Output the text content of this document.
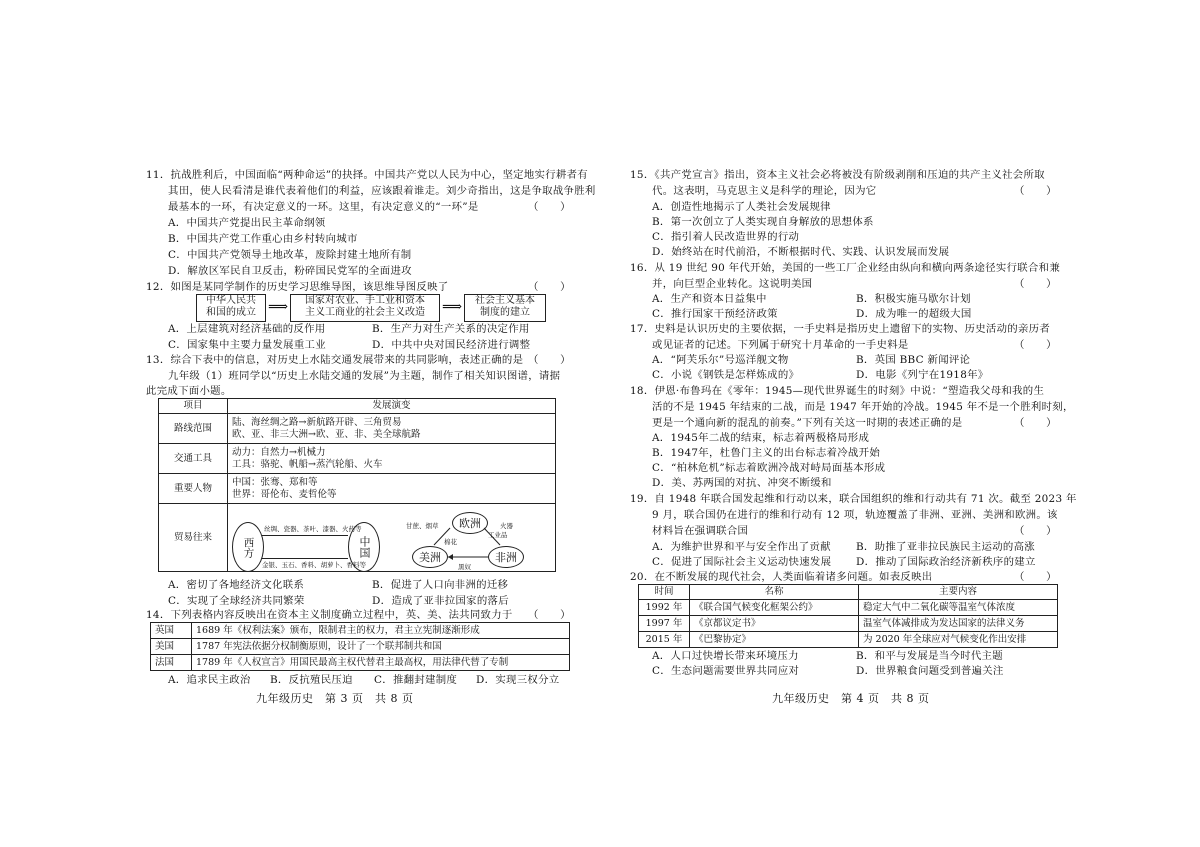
11．抗战胜利后，中国面临“两种命运”的抉择。中国共产党以人民为中心，坚定地实行耕者有
其田，使人民看清是谁代表着他们的利益，应该跟着谁走。刘少奇指出，这是争取战争胜利
最基本的一环，有决定意义的一环。这里，有决定意义的“一环”是	（　　）
A．中国共产党提出民主革命纲领
B．中国共产党工作重心由乡村转向城市
C．中国共产党领导土地改革，废除封建土地所有制
D．解放区军民自卫反击，粉碎国民党军的全面进攻
12．如图是某同学制作的历史学习思维导图，该思维导图反映了	（　　）
中华人民共
和国的成立 ⟹	国家对农业、手工业和资本
主义工商业的社会主义改造	⟹	社会主义基本
制度的建立
A．上层建筑对经济基础的反作用	B．生产力对生产关系的决定作用
C．国家集中主要力量发展重工业	D．中共中央对国民经济进行调整
13．综合下表中的信息，对历史上水陆交通发展带来的共同影响，表述正确的是 （　　）
九年级（1）班同学以“历史上水陆交通的发展”为主题，制作了相关知识图谱，请据
此完成下面小题。
项目	发展演变
路线范围	陆、海丝绸之路→新航路开辟、三角贸易
欧、亚、非三大洲→欧、亚、非、美全球航路

交通工具	动力：自然力→机械力
工具：骆驼、帆船→蒸汽轮船、火车

重要人物	中国：张骞、郑和等
世界：哥伦布、麦哲伦等

贸易往来		西方	中国
丝绸、瓷器、茶叶、漆器、火药等
金银、玉石、香料、胡萝卜、香料等
欧洲
美洲	非洲
甘蔗、烟草	火器
工业品
棉花
黑奴
A．密切了各地经济文化联系	B．促进了人口向非洲的迁移
C．实现了全球经济共同繁荣	D．造成了亚非拉国家的落后
14．下列表格内容反映出在资本主义制度确立过程中，英、美、法共同致力于 （　　）
英国	1689 年《权利法案》颁布，限制君主的权力，君主立宪制逐渐形成
美国	1787 年宪法依据分权制衡原则，设计了一个联邦制共和国
法国	1789 年《人权宣言》用国民最高主权代替君主最高权，用法律代替了专制
A．追求民主政治 B．反抗殖民压迫 C．推翻封建制度 D．实现三权分立
九年级历史　第 3 页　共 8 页
15．《共产党宣言》指出，资本主义社会必将被没有阶级剥削和压迫的共产主义社会所取
代。这表明，马克思主义是科学的理论，因为它	（　　）
A．创造性地揭示了人类社会发展规律
B．第一次创立了人类实现自身解放的思想体系
C．指引着人民改造世界的行动
D．始终站在时代前沿，不断根据时代、实践、认识发展而发展
16．从 19 世纪 90 年代开始，美国的一些工厂企业经由纵向和横向两条途径实行联合和兼
并，向巨型企业转化。这说明美国	（　　）
A．生产和资本日益集中	B．积极实施马歇尔计划
C．推行国家干预经济政策	D．成为唯一的超级大国
17．史料是认识历史的主要依据，一手史料是指历史上遗留下的实物、历史活动的亲历者
或见证者的记述。下列属于研究十月革命的一手史料是	（　　）
A．“阿芙乐尔”号巡洋舰文物	B．英国 BBC 新闻评论
C．小说《钢铁是怎样炼成的》	D．电影《列宁在1918年》
18．伊恩·布鲁玛在《零年：1945—现代世界诞生的时刻》中说：“塑造我父母和我的生
活的不是 1945 年结束的二战，而是 1947 年开始的冷战。1945 年不是一个胜利时刻，
更是一个通向新的混乱的前奏。”下列有关这一时期的表述正确的是	（　　）
A．1945年二战的结束，标志着两极格局形成
B．1947年，杜鲁门主义的出台标志着冷战开始
C．“柏林危机”标志着欧洲冷战对峙局面基本形成
D．美、苏两国的对抗、冲突不断缓和
19．自 1948 年联合国发起维和行动以来，联合国组织的维和行动共有 71 次。截至 2023 年
9 月，联合国仍在进行的维和行动有 12 项，轨迹覆盖了非洲、亚洲、美洲和欧洲。该
材料旨在强调联合国	（　　）
A．为维护世界和平与安全作出了贡献 B．助推了亚非拉民族民主运动的高涨
C．促进了国际社会主义运动快速发展 D．推动了国际政治经济新秩序的建立
20．在不断发展的现代社会，人类面临着诸多问题。如表反映出	（　　）
时间	名称	主要内容
1992 年	《联合国气候变化框架公约》	稳定大气中二氧化碳等温室气体浓度
1997 年	《京都议定书》	温室气体减排成为发达国家的法律义务
2015 年	《巴黎协定》	为 2020 年全球应对气候变化作出安排
A．人口过快增长带来环境压力	B．和平与发展是当今时代主题
C．生态问题需要世界共同应对	D．世界粮食问题受到普遍关注
九年级历史　第 4 页　共 8 页
